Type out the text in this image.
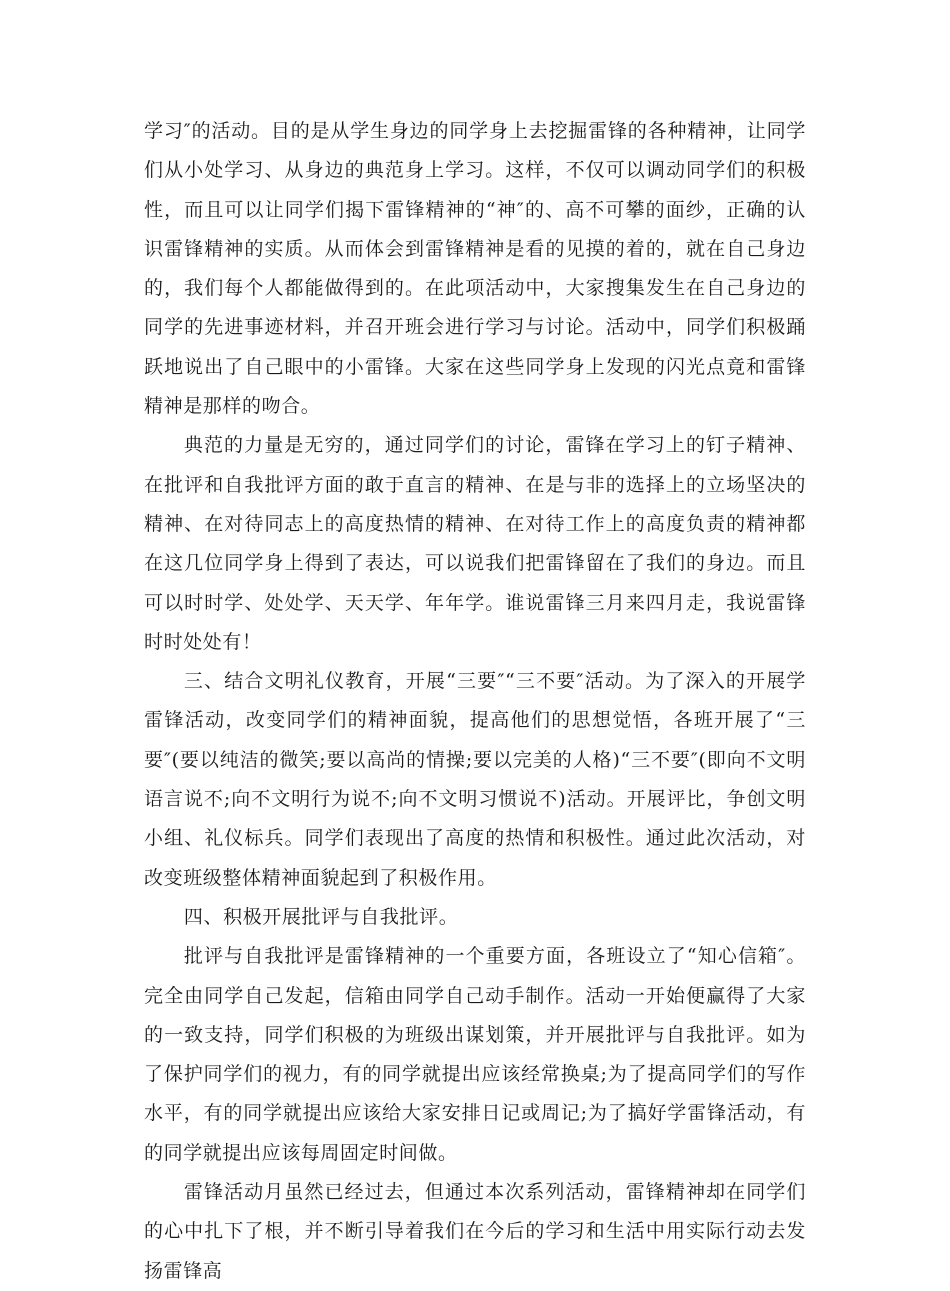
学习″的活动。目的是从学生身边的同学身上去挖掘雷锋的各种精神，让同学们从小处学习、从身边的典范身上学习。这样，不仅可以调动同学们的积极性，而且可以让同学们揭下雷锋精神的“神″的、高不可攀的面纱，正确的认识雷锋精神的实质。从而体会到雷锋精神是看的见摸的着的，就在自己身边的，我们每个人都能做得到的。在此项活动中，大家搜集发生在自己身边的同学的先进事迹材料，并召开班会进行学习与讨论。活动中，同学们积极踊跃地说出了自己眼中的小雷锋。大家在这些同学身上发现的闪光点竟和雷锋精神是那样的吻合。

典范的力量是无穷的，通过同学们的讨论，雷锋在学习上的钉子精神、在批评和自我批评方面的敢于直言的精神、在是与非的选择上的立场坚决的精神、在对待同志上的高度热情的精神、在对待工作上的高度负责的精神都在这几位同学身上得到了表达，可以说我们把雷锋留在了我们的身边。而且可以时时学、处处学、天天学、年年学。谁说雷锋三月来四月走，我说雷锋时时处处有！

三、结合文明礼仪教育，开展“三要″“三不要″活动。为了深入的开展学雷锋活动，改变同学们的精神面貌，提高他们的思想觉悟，各班开展了“三要″(要以纯洁的微笑;要以高尚的情操;要以完美的人格)“三不要″(即向不文明语言说不;向不文明行为说不;向不文明习惯说不)活动。开展评比，争创文明小组、礼仪标兵。同学们表现出了高度的热情和积极性。通过此次活动，对改变班级整体精神面貌起到了积极作用。

四、积极开展批评与自我批评。

批评与自我批评是雷锋精神的一个重要方面，各班设立了“知心信箱″。完全由同学自己发起，信箱由同学自己动手制作。活动一开始便赢得了大家的一致支持，同学们积极的为班级出谋划策，并开展批评与自我批评。如为了保护同学们的视力，有的同学就提出应该经常换桌;为了提高同学们的写作水平，有的同学就提出应该给大家安排日记或周记;为了搞好学雷锋活动，有的同学就提出应该每周固定时间做。

雷锋活动月虽然已经过去，但通过本次系列活动，雷锋精神却在同学们的心中扎下了根，并不断引导着我们在今后的学习和生活中用实际行动去发扬雷锋高
